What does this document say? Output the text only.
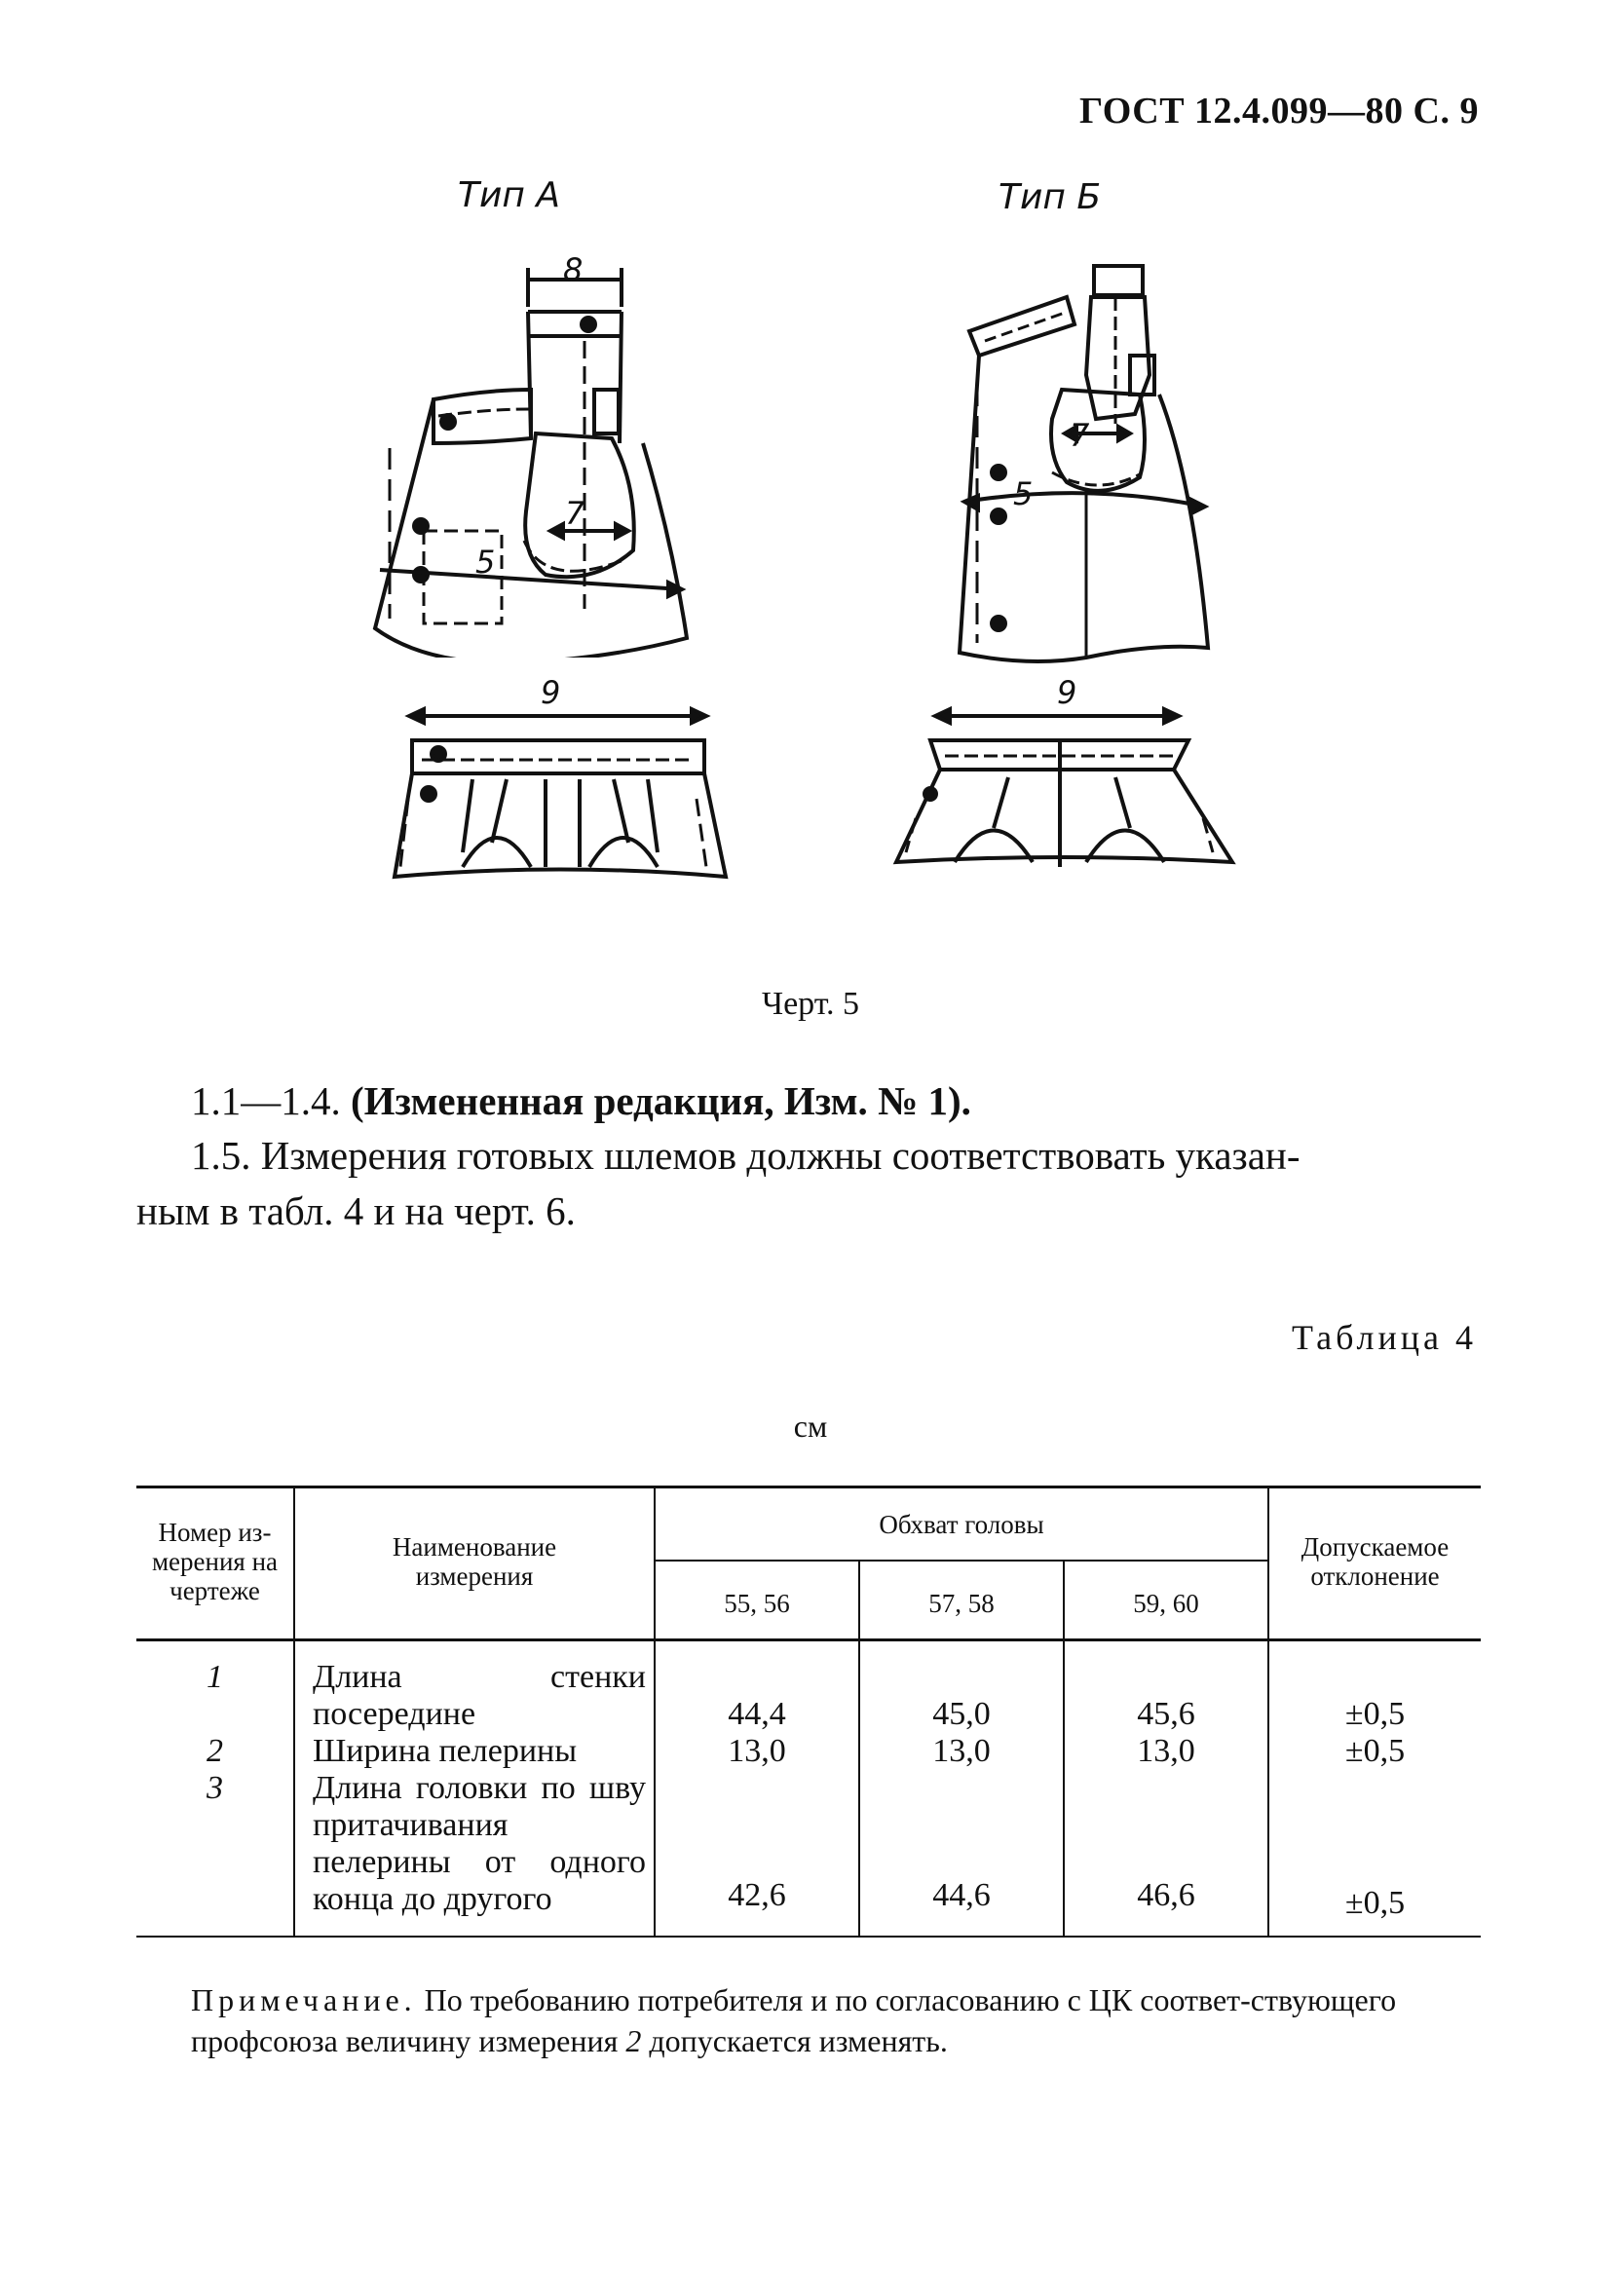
ГОСТ 12.4.099—80 С. 9
Тип А	Тип Б
8
7
5
7
5
9	9
Черт. 5
1.1—1.4. (Измененная редакция, Изм. № 1).
1.5. Измерения готовых шлемов должны соответствовать указан-
ным в табл. 4 и на черт. 6.
Таблица 4
см
Номер из-мерения на чертеже	Наименование измерения	Обхват головы			Допускаемое отклонение
		55, 56	57, 58	59, 60	
1	Длина стенки посередине	44,4	45,0	45,6	±0,5
2	Ширина пелерины	13,0	13,0	13,0	±0,5
3	Длина головки по шву притачивания пелерины от одного конца до другого	42,6	44,6	46,6	±0,5
Примечание. По требованию потребителя и по согласованию с ЦК соответ-ствующего профсоюза величину измерения 2 допускается изменять.
